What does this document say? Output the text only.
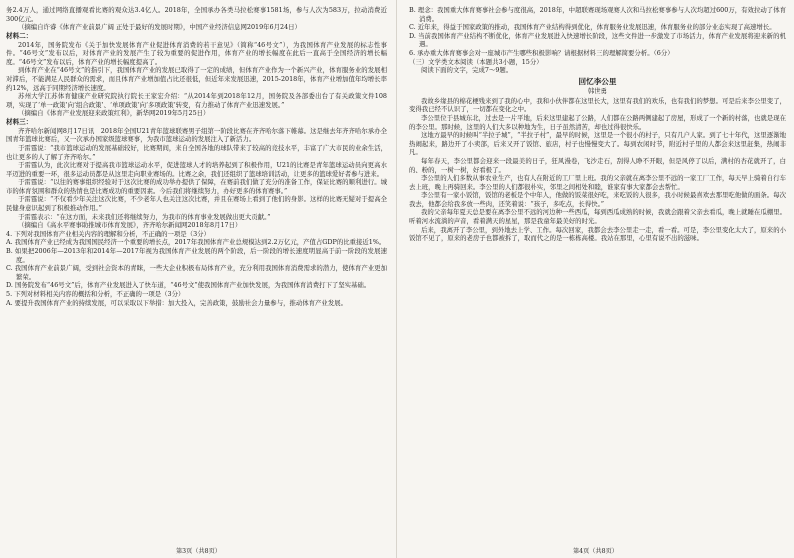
务2.4万人，通过网络直播观看比赛的观众达3.4亿人。2018年，全国承办各类马拉松赛事1581场，参与人次为583万，拉动消费近300亿元。

（摘编自许睿《体育产业前景广阔 正处于最好的发展时期》，中国产业经济信息网2019年6月24日）

材料二：

2014年，国务院发布《关于加快发展体育产业促进体育消费的若干意见》（简称“46号文”），为我国体育产业发展的标志性事件。“46号文”发布以后，对体育产业的发展产生了较为重要的促进作用，体育产业的增长幅度在此后一直高于全国经济的增长幅度。“46号文”发布以后，体育产业的增长幅度提高了。

到体育产业在“46号文”的指引下，我国体育产业的发展已取得了一定的成绩，但体育产业作为一个新兴产业，体育服务业的发展相对滞后，不能满足人民群众的需求，而且体育产业增加值占比还很低，但近年来发展迅速，2015-2018年，体育产业增加值年均增长率约12%，远高于同期经济增长速度。

苏州大学江苏体育健康产业研究院执行院长王家宏介绍：“从2014年到2018年12月，国务院及各部委出台了有关政策文件108项，实现了‘单一政策’向‘组合政策’、‘单项政策’向‘多项政策’转变，有力推动了体育产业迅速发展。”

（摘编自《体育产业发展迎来政策红利》，新华网2019年5月25日）

材料三：

齐齐哈尔新闻网8月17日讯　2018年全国U21青年篮球联赛男子组第一阶段比赛在齐齐哈尔落下帷幕。这是继去年齐齐哈尔承办全国青年篮球比赛后，又一次承办国家级篮球赛事，为我市篮球运动的发展注入了新活力。

于雷霆说：“我市篮球运动的发展基础较好，比赛期间，来自全国各地的球队带来了较高的竞技水平，丰富了广大市民的业余生活，也让更多的人了解了齐齐哈尔。”

于雷霆认为，此次比赛对于提高我市篮球运动水平，促进篮球人才的培养起到了积极作用，U21的比赛是青年篮球运动员向更高水平迈进的重要一环，很多运动员都是从这里走向职业赛场的。比赛之余，我们还组织了篮球培训活动，让更多的篮球爱好者参与进来。

于雷霆说：“以往的赛事组织经验对于这次比赛的成功举办提供了保障，在赛前我们做了充分的准备工作，保证比赛的顺利进行。城市的体育氛围和群众的热情也是比赛成功的重要因素。今后我们将继续努力，办好更多的体育赛事。”

于雷霆说：“不仅看少年关注这次比赛，不少老年人也关注这次比赛，并且在赛场上看到了他们的身影。这样的比赛无疑对于提高全民健身意识起到了积极推动作用。”

于雷霆表示：“在这方面，未来我们还将继续努力，为我市的体育事业发展做出更大贡献。”

（摘编自《高水平赛事助推城市体育发展》，齐齐哈尔新闻网2018年8月17日）

4. 下列对我国体育产业相关内容的理解和分析，不正确的一项是（3分）

A. 我国体育产业已经成为我国国民经济一个重要的增长点，2017年我国体育产业总规模达到2.2万亿元，产值占GDP的比重接近1%。

B. 如果把2006年—2013年和2014年—2017年视为我国体育产业发展的两个阶段，后一阶段的增长速度明显高于前一阶段的发展速度。

C. 我国体育产业前景广阔，受到社会资本的青睐，一些大企业积极布局体育产业，充分利用我国体育消费需求的潜力，使体育产业更加繁荣。

D. 国务院发布“46号文”后，体育产业发展进入了快车道，“46号文”使我国体育产业加快发展，为我国体育消费打下了坚实基础。

5. 下列对材料相关内容的概括和分析，不正确的一项是（3分）

A. 要提升我国体育产业的持续发展，可以采取以下举措：加大投入，完善政策，鼓励社会力量参与，推动体育产业发展。

第3页（共8页）

B. 理念：我国重大体育赛事社会参与度很高，2018年，中超联赛现场观赛人次和马拉松赛事参与人次均超过600万，有效拉动了体育消费。

C. 近年来，得益于国家政策的推动，我国体育产业结构得到优化，体育服务业发展迅速，体育服务业的部分业态实现了高速增长。

D. 当前我国体育产业结构不断优化，体育产业发展进入快速增长阶段，这些文件进一步激发了市场活力，体育产业发展将迎来新的机遇。

6. 承办重大体育赛事会对一座城市产生哪些积极影响？请根据材料三的理解简要分析。（6分）

（三）文学类文本阅读（本题共3小题，15分）

阅读下面的文字，完成7～9题。

回忆李公里
韩世勇

我故乡缘县的棉花梗残来到了我的心中，我和小伙伴都在这里长大，这里有我们的欢乐，也有我们的梦想。可是后来李公里变了，变得我已经不认识了，一切都在变化之中。

李公里位于县城东北，过去是一片平地，后来这里建起了公路，人们都在公路两侧建起了房屋，形成了一个新的村落，也就是现在的李公里。那时候，这里的人们大多以种地为生，日子虽然清苦，却也过得很快乐。

这地方最早的时候叫“半拉子城”，“半拉子村”，最早的时候，这里是一个很小的村子，只有几户人家。到了七十年代，这里逐渐地热闹起来，路边开了小卖部，后来又开了饭馆、旅店，村子也慢慢变大了。每到农闲时节，附近村子里的人都会来这里赶集，热闹非凡。

每年春天，李公里都会迎来一段最美的日子，狂风漫卷，飞沙走石，刮得人睁不开眼，但是风停了以后，满村的杏花就开了，白的、粉的，一树一树，好看极了。

李公里的人们多数从事农业生产，也有人在附近的工厂里上班。我的父亲就在离李公里不远的一家工厂工作，每天早上骑着自行车去上班，晚上再骑回来。李公里的人们都很朴实，邻里之间相处和睦，谁家有事大家都会去帮忙。

李公里有一家小饭馆，饭馆的老板是个中年人，他做的饭菜很好吃，来吃饭的人很多，我小时候最喜欢去那里吃他做的面条。每次我去，他都会给我多放一些肉，还笑着说：“孩子，多吃点，长得快。”

我的父亲每年夏天总是要在离李公里不远的河边种一些西瓜，每到西瓜成熟的时候，我就会跟着父亲去看瓜，晚上就睡在瓜棚里。听着河水流淌的声音，看着满天的星星，那是我童年最美好的时光。

后来，我离开了李公里，到外地去上学、工作。每次回家，我都会去李公里走一走，看一看。可是，李公里变化太大了，原来的小饭馆不见了，原来的老房子也都被拆了，取而代之的是一栋栋高楼。我站在那里，心里有说不出的滋味。

第4页（共8页）
